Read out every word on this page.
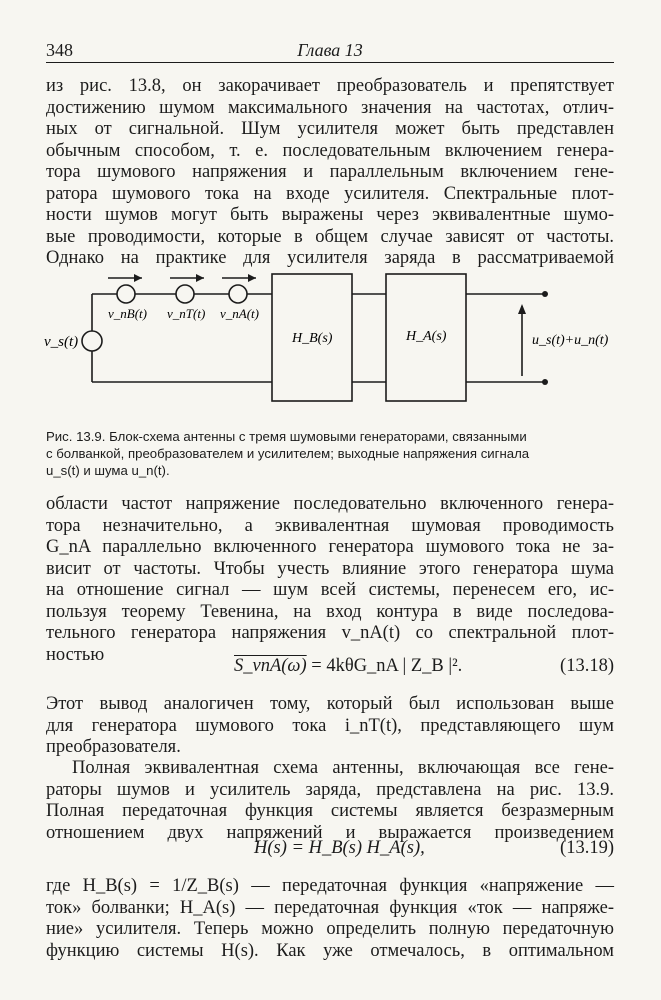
348	Глава 13
из рис. 13.8, он закорачивает преобразователь и препятствует
достижению шумом максимального значения на частотах, отлич-
ных от сигнальной. Шум усилителя может быть представлен
обычным способом, т. е. последовательным включением генера-
тора шумового напряжения и параллельным включением гене-
ратора шумового тока на входе усилителя. Спектральные плот-
ности шумов могут быть выражены через эквивалентные шумо-
вые проводимости, которые в общем случае зависят от частоты.
Однако на практике для усилителя заряда в рассматриваемой
v_s(t)
v_nB(t) v_nT(t) v_nA(t)
H_B(s)	H_A(s)	u_s(t)+u_n(t)
Рис. 13.9. Блок-схема антенны с тремя шумовыми генераторами, связанными
с болванкой, преобразователем и усилителем; выходные напряжения сигнала
u_s(t) и шума u_n(t).
области частот напряжение последовательно включенного генера-
тора незначительно, а эквивалентная шумовая проводимость
G_nA параллельно включенного генератора шумового тока не за-
висит от частоты. Чтобы учесть влияние этого генератора шума
на отношение сигнал — шум всей системы, перенесем его, ис-
пользуя теорему Тевенина, на вход контура в виде последова-
тельного генератора напряжения v_nA(t) со спектральной плот-
ностью
S_vnA(ω) = 4kθG_nA | Z_B |².	(13.18)
Этот вывод аналогичен тому, который был использован выше
для генератора шумового тока i_nT(t), представляющего шум
преобразователя.
Полная эквивалентная схема антенны, включающая все гене-
раторы шумов и усилитель заряда, представлена на рис. 13.9.
Полная передаточная функция системы является безразмерным
отношением двух напряжений и выражается произведением
H(s) = H_B(s) H_A(s),	(13.19)
где H_B(s) = 1/Z_B(s) — передаточная функция «напряжение —
ток» болванки; H_A(s) — передаточная функция «ток — напряже-
ние» усилителя. Теперь можно определить полную передаточную
функцию системы H(s). Как уже отмечалось, в оптимальном
